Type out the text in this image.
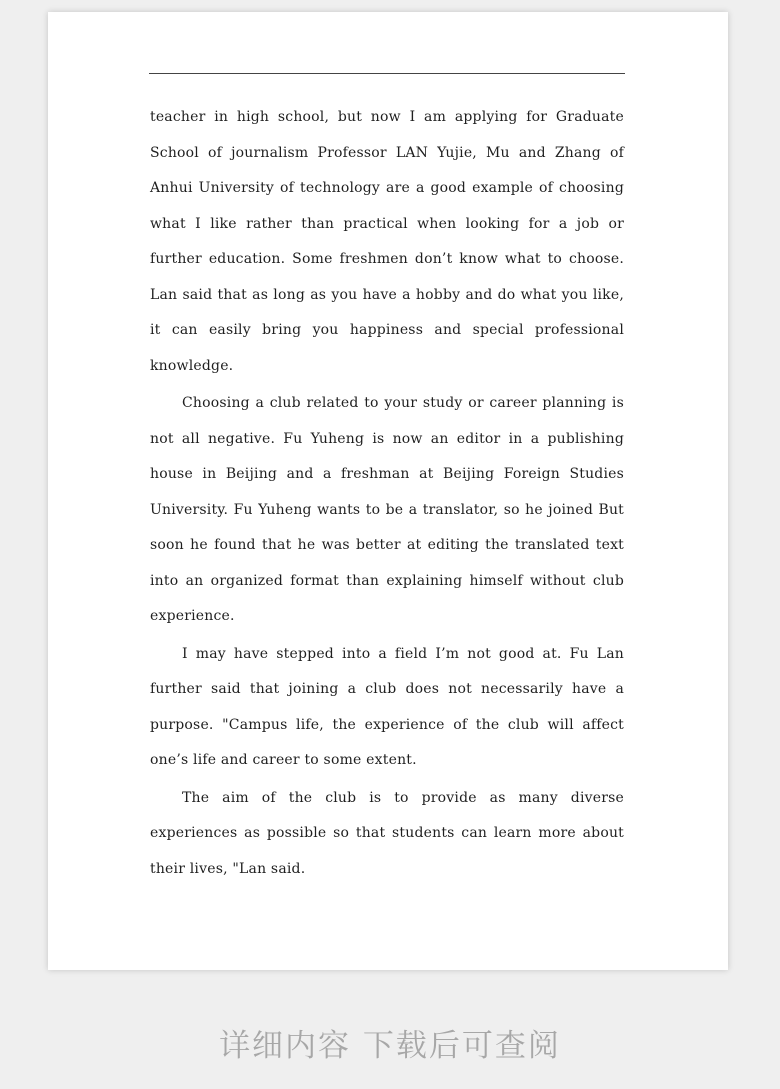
teacher in high school, but now I am applying for Graduate School of journalism Professor LAN Yujie, Mu and Zhang of Anhui University of technology are a good example of choosing what I like rather than practical when looking for a job or further education. Some freshmen don’t know what to choose. Lan said that as long as you have a hobby and do what you like, it can easily bring you happiness and special professional knowledge.

Choosing a club related to your study or career planning is not all negative. Fu Yuheng is now an editor in a publishing house in Beijing and a freshman at Beijing Foreign Studies University. Fu Yuheng wants to be a translator, so he joined But soon he found that he was better at editing the translated text into an organized format than explaining himself without club experience.

I may have stepped into a field I’m not good at. Fu Lan further said that joining a club does not necessarily have a purpose. "Campus life, the experience of the club will affect one’s life and career to some extent.

The aim of the club is to provide as many diverse experiences as possible so that students can learn more about their lives, "Lan said.

详细内容 下载后可查阅
